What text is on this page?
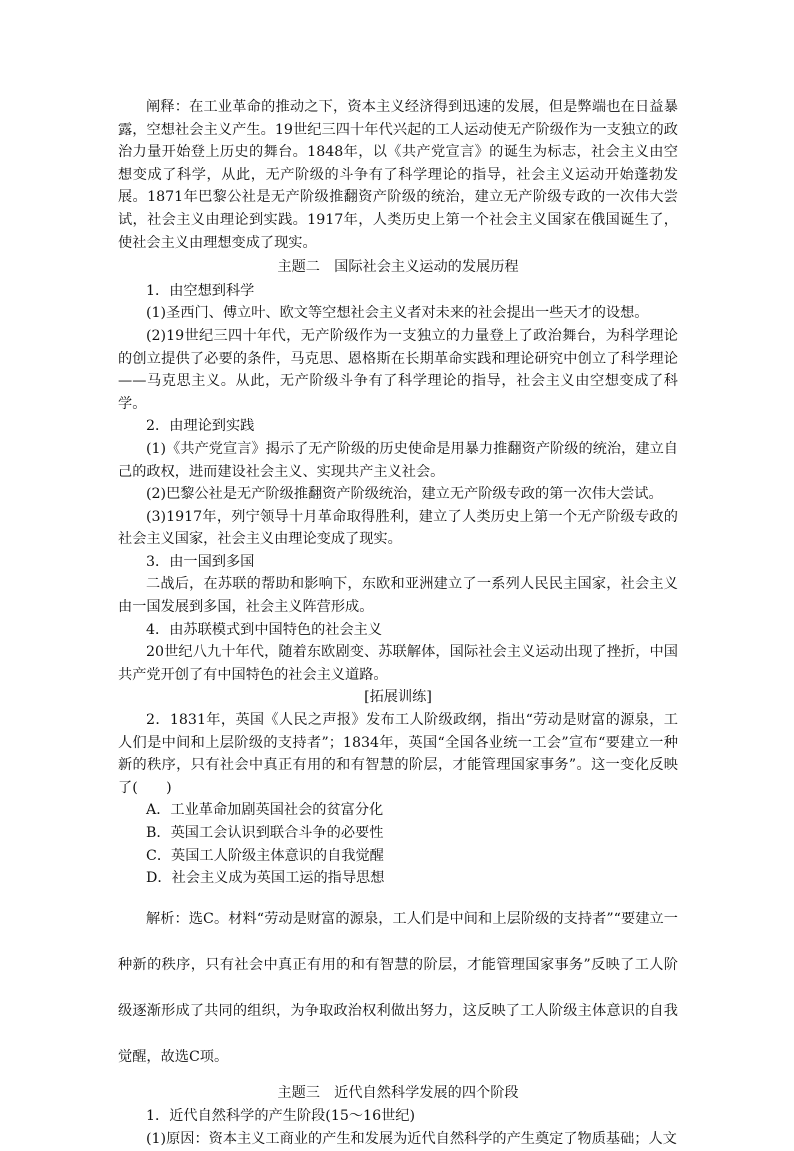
阐释：在工业革命的推动之下，资本主义经济得到迅速的发展，但是弊端也在日益暴露，空想社会主义产生。19世纪三四十年代兴起的工人运动使无产阶级作为一支独立的政治力量开始登上历史的舞台。1848年，以《共产党宣言》的诞生为标志，社会主义由空想变成了科学，从此，无产阶级的斗争有了科学理论的指导，社会主义运动开始蓬勃发展。1871年巴黎公社是无产阶级推翻资产阶级的统治，建立无产阶级专政的一次伟大尝试，社会主义由理论到实践。1917年，人类历史上第一个社会主义国家在俄国诞生了，使社会主义由理想变成了现实。

主题二　国际社会主义运动的发展历程

1．由空想到科学

(1)圣西门、傅立叶、欧文等空想社会主义者对未来的社会提出一些天才的设想。

(2)19世纪三四十年代，无产阶级作为一支独立的力量登上了政治舞台，为科学理论的创立提供了必要的条件，马克思、恩格斯在长期革命实践和理论研究中创立了科学理论——马克思主义。从此，无产阶级斗争有了科学理论的指导，社会主义由空想变成了科学。

2．由理论到实践

(1)《共产党宣言》揭示了无产阶级的历史使命是用暴力推翻资产阶级的统治，建立自己的政权，进而建设社会主义、实现共产主义社会。

(2)巴黎公社是无产阶级推翻资产阶级统治，建立无产阶级专政的第一次伟大尝试。

(3)1917年，列宁领导十月革命取得胜利，建立了人类历史上第一个无产阶级专政的社会主义国家，社会主义由理论变成了现实。

3．由一国到多国

二战后，在苏联的帮助和影响下，东欧和亚洲建立了一系列人民民主国家，社会主义由一国发展到多国，社会主义阵营形成。

4．由苏联模式到中国特色的社会主义

20世纪八九十年代，随着东欧剧变、苏联解体，国际社会主义运动出现了挫折，中国共产党开创了有中国特色的社会主义道路。

[拓展训练]

2．1831年，英国《人民之声报》发布工人阶级政纲，指出“劳动是财富的源泉，工人们是中间和上层阶级的支持者”；1834年，英国“全国各业统一工会”宣布“要建立一种新的秩序，只有社会中真正有用的和有智慧的阶层，才能管理国家事务”。这一变化反映了(　　)

A．工业革命加剧英国社会的贫富分化

B．英国工会认识到联合斗争的必要性

C．英国工人阶级主体意识的自我觉醒

D．社会主义成为英国工运的指导思想

解析：选C。材料“劳动是财富的源泉，工人们是中间和上层阶级的支持者”“要建立一种新的秩序，只有社会中真正有用的和有智慧的阶层，才能管理国家事务”反映了工人阶级逐渐形成了共同的组织，为争取政治权利做出努力，这反映了工人阶级主体意识的自我觉醒，故选C项。

主题三　近代自然科学发展的四个阶段

1．近代自然科学的产生阶段(15～16世纪)

(1)原因：资本主义工商业的产生和发展为近代自然科学的产生奠定了物质基础；人文
